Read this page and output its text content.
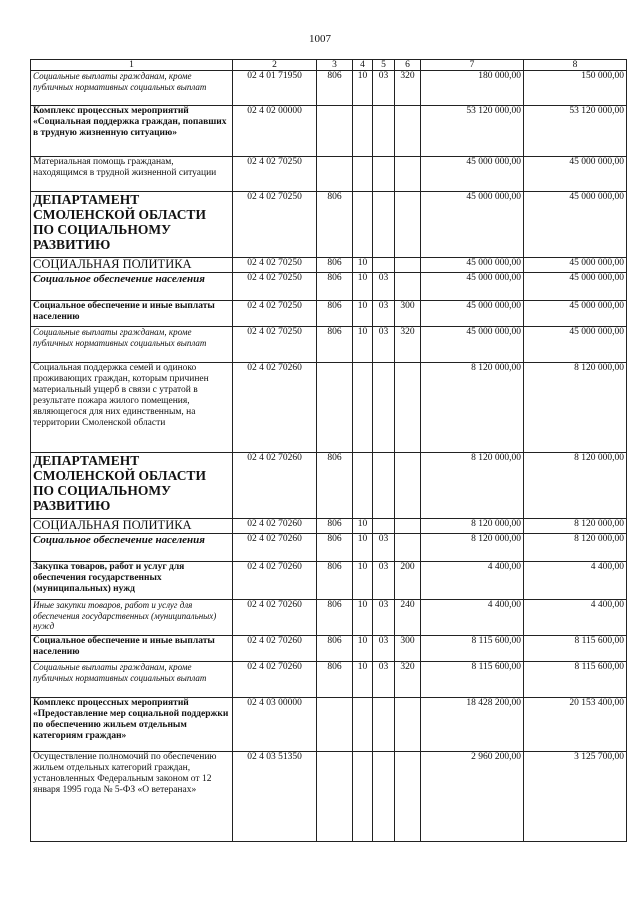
1007
1	2	3	4	5	6	7	8
Социальные выплаты гражданам, кроме публичных нормативных социальных выплат	02 4 01 71950	806	10	03	320	180 000,00	150 000,00
Комплекс процессных мероприятий «Социальная поддержка граждан, попавших в трудную жизненную ситуацию»	02 4 02 00000					53 120 000,00	53 120 000,00
Материальная помощь гражданам, находящимся в трудной жизненной ситуации	02 4 02 70250					45 000 000,00	45 000 000,00
ДЕПАРТАМЕНТ СМОЛЕНСКОЙ ОБЛАСТИ ПО СОЦИАЛЬНОМУ РАЗВИТИЮ	02 4 02 70250	806				45 000 000,00	45 000 000,00
СОЦИАЛЬНАЯ ПОЛИТИКА	02 4 02 70250	806	10			45 000 000,00	45 000 000,00
Социальное обеспечение населения	02 4 02 70250	806	10	03		45 000 000,00	45 000 000,00
Социальное обеспечение и иные выплаты населению	02 4 02 70250	806	10	03	300	45 000 000,00	45 000 000,00
Социальные выплаты гражданам, кроме публичных нормативных социальных выплат	02 4 02 70250	806	10	03	320	45 000 000,00	45 000 000,00
Социальная поддержка семей и одиноко проживающих граждан, которым причинен материальный ущерб в связи с утратой в результате пожара жилого помещения, являющегося для них единственным, на территории Смоленской области	02 4 02 70260					8 120 000,00	8 120 000,00
ДЕПАРТАМЕНТ СМОЛЕНСКОЙ ОБЛАСТИ ПО СОЦИАЛЬНОМУ РАЗВИТИЮ	02 4 02 70260	806				8 120 000,00	8 120 000,00
СОЦИАЛЬНАЯ ПОЛИТИКА	02 4 02 70260	806	10			8 120 000,00	8 120 000,00
Социальное обеспечение населения	02 4 02 70260	806	10	03		8 120 000,00	8 120 000,00
Закупка товаров, работ и услуг для обеспечения государственных (муниципальных) нужд	02 4 02 70260	806	10	03	200	4 400,00	4 400,00
Иные закупки товаров, работ и услуг для обеспечения государственных (муниципальных) нужд	02 4 02 70260	806	10	03	240	4 400,00	4 400,00
Социальное обеспечение и иные выплаты населению	02 4 02 70260	806	10	03	300	8 115 600,00	8 115 600,00
Социальные выплаты гражданам, кроме публичных нормативных социальных выплат	02 4 02 70260	806	10	03	320	8 115 600,00	8 115 600,00
Комплекс процессных мероприятий «Предоставление мер социальной поддержки по обеспечению жильем отдельным категориям граждан»	02 4 03 00000					18 428 200,00	20 153 400,00
Осуществление полномочий по обеспечению жильем отдельных категорий граждан, установленных Федеральным законом от 12 января 1995 года № 5-ФЗ «О ветеранах»	02 4 03 51350					2 960 200,00	3 125 700,00
